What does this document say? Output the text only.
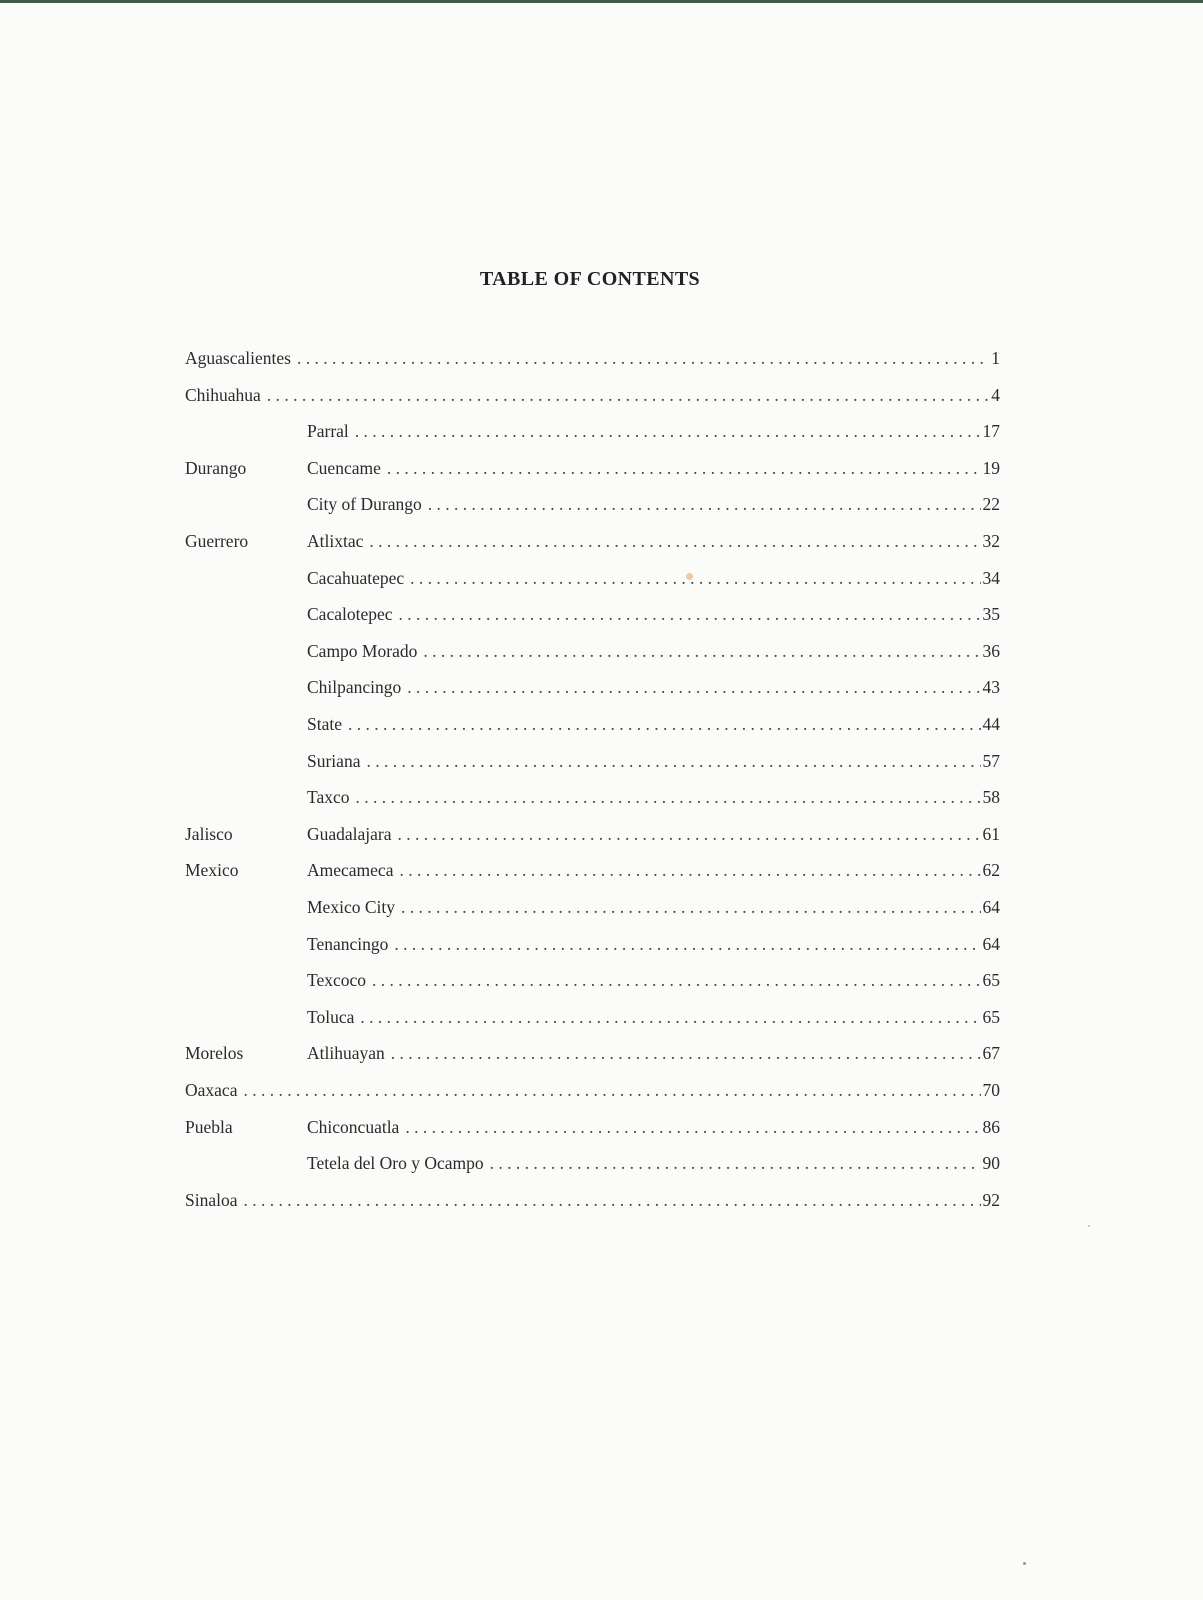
TABLE OF CONTENTS
Aguascalientes . . .	1
Chihuahua . . .	4
Parral . . .	17
Durango	Cuencame . . .	19
City of Durango . . .	22
Guerrero	Atlixtac . . .	32
Cacahuatepec . . .	34
Cacalotepec . . .	35
Campo Morado . . .	36
Chilpancingo . . .	43
State . . .	44
Suriana . . .	57
Taxco . . .	58
Jalisco	Guadalajara . . .	61
Mexico	Amecameca . . .	62
Mexico City . . .	64
Tenancingo . . .	64
Texcoco . . .	65
Toluca . . .	65
Morelos	Atlihuayan . . .	67
Oaxaca . . .	70
Puebla	Chiconcuatla . . .	86
Tetela del Oro y Ocampo . . .	90
Sinaloa . . .	92
